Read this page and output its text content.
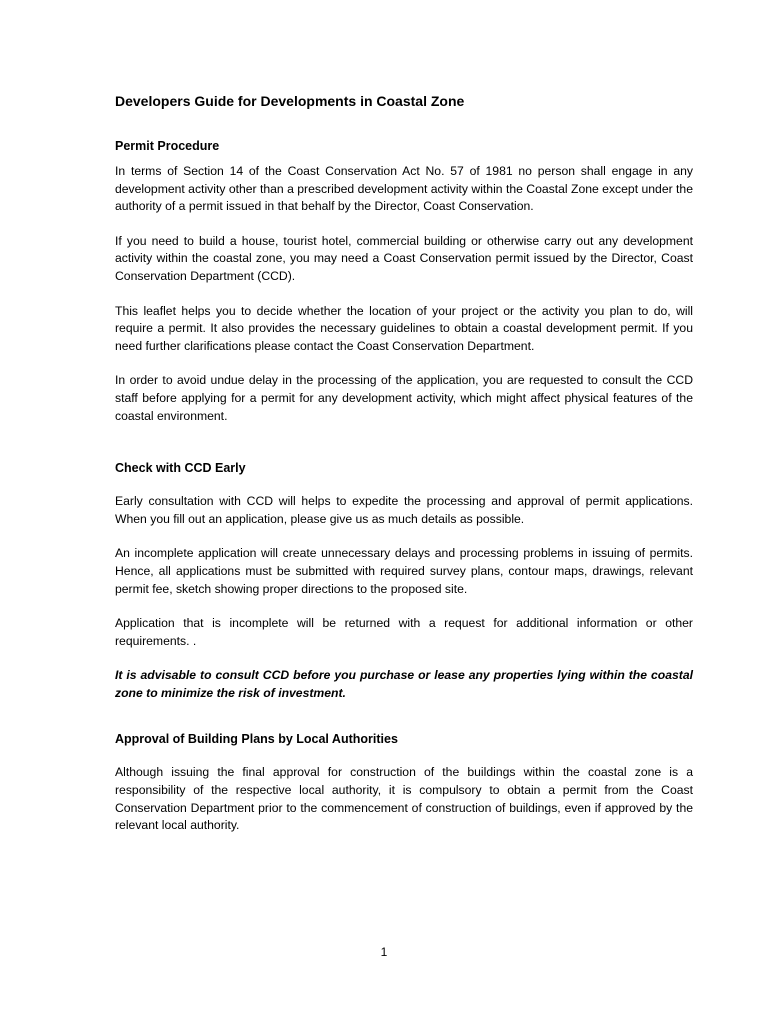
Developers Guide for Developments in Coastal Zone
Permit Procedure

In terms of Section 14 of the Coast Conservation Act No. 57 of 1981 no person shall engage in any development activity other than a prescribed development activity within the Coastal Zone except under the authority of a permit issued in that behalf by the Director, Coast Conservation.

If you need to build a house, tourist hotel, commercial building or otherwise carry out any development activity within the coastal zone, you may need a Coast Conservation permit issued by the Director, Coast Conservation Department (CCD).

This leaflet helps you to decide whether the location of your project or the activity you plan to do, will require a permit. It also provides the necessary guidelines to obtain a coastal development permit. If you need further clarifications please contact the Coast Conservation Department.

In order to avoid undue delay in the processing of the application, you are requested to consult the CCD staff before applying for a permit for any development activity, which might affect physical features of the coastal environment.

Check with CCD Early

Early consultation with CCD will helps to expedite the processing and approval of permit applications. When you fill out an application, please give us as much details as possible.

An incomplete application will create unnecessary delays and processing problems in issuing of permits. Hence, all applications must be submitted with required survey plans, contour maps, drawings, relevant permit fee, sketch showing proper directions to the proposed site.

Application that is incomplete will be returned with a request for additional information or other requirements. .

It is advisable to consult CCD before you purchase or lease any properties lying within the coastal zone to minimize the risk of investment.

Approval of Building Plans by Local Authorities

Although issuing the final approval for construction of the buildings within the coastal zone is a responsibility of the respective local authority, it is compulsory to obtain a permit from the Coast Conservation Department prior to the commencement of construction of buildings, even if approved by the relevant local authority.

1
